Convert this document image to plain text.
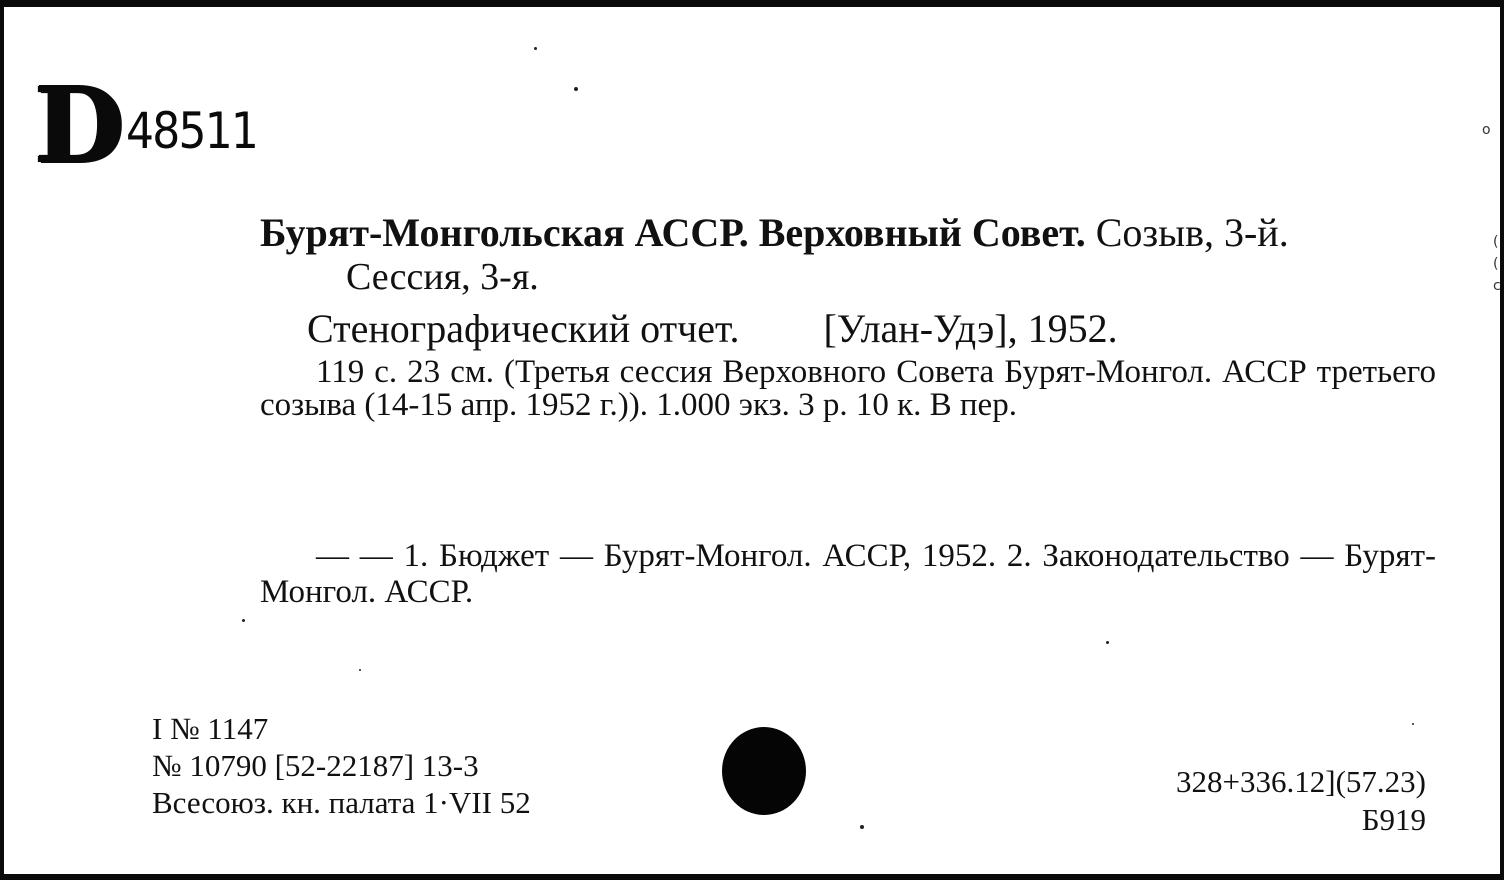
D 48511
Бурят-Монгольская АССР. Верховный Совет. Созыв, 3-й.
Сессия, 3-я.
Стенографический отчет. [Улан-Удэ], 1952.
119 с. 23 см. (Третья сессия Верховного Совета Бурят-Монгол. АССР третьего созыва (14-15 апр. 1952 г.)). 1.000 экз. 3 р. 10 к. В пер.
— — 1. Бюджет — Бурят-Монгол. АССР, 1952. 2. Законодательство — Бурят-Монгол. АССР.
I № 1147
№ 10790 [52-22187] 13-3
Всесоюз. кн. палата 1·VII 52
328+336.12](57.23)
Б919
o
(
(
c
